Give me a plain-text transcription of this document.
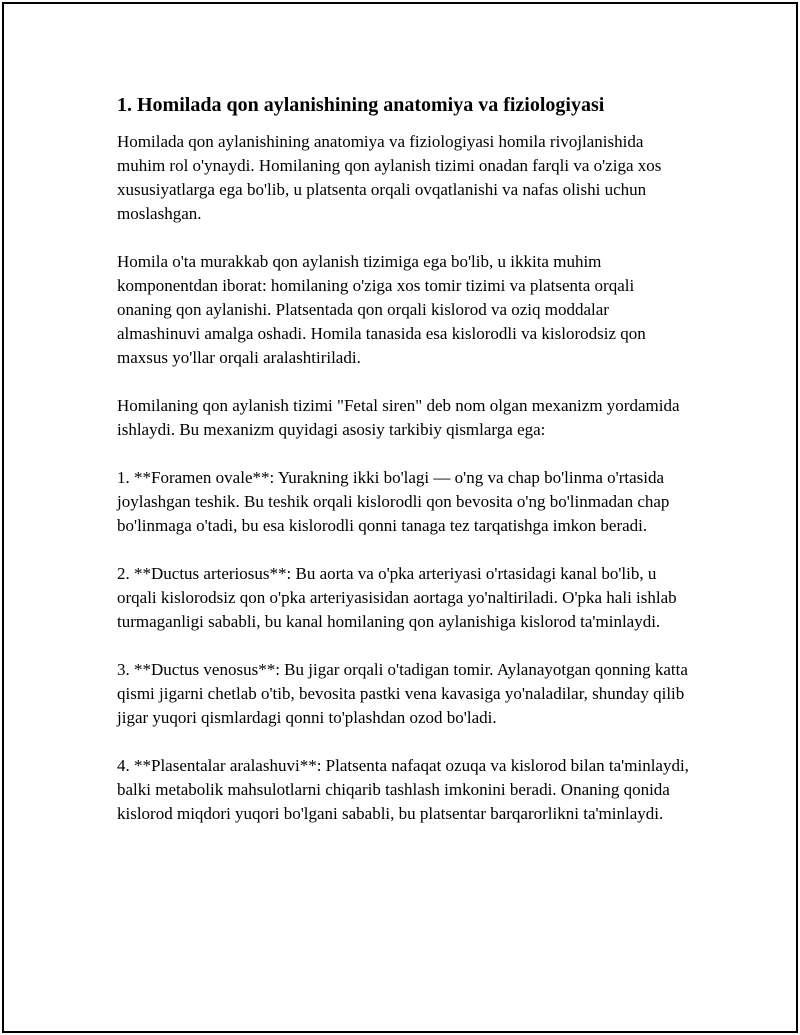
1. Homilada qon aylanishining anatomiya va fiziologiyasi

Homilada qon aylanishining anatomiya va fiziologiyasi homila rivojlanishida muhim rol o'ynaydi. Homilaning qon aylanish tizimi onadan farqli va o'ziga xos xususiyatlarga ega bo'lib, u platsenta orqali ovqatlanishi va nafas olishi uchun moslashgan.

Homila o'ta murakkab qon aylanish tizimiga ega bo'lib, u ikkita muhim komponentdan iborat: homilaning o'ziga xos tomir tizimi va platsenta orqali onaning qon aylanishi. Platsentada qon orqali kislorod va oziq moddalar almashinuvi amalga oshadi. Homila tanasida esa kislorodli va kislorodsiz qon maxsus yo'llar orqali aralashtiriladi.

Homilaning qon aylanish tizimi "Fetal siren" deb nom olgan mexanizm yordamida ishlaydi. Bu mexanizm quyidagi asosiy tarkibiy qismlarga ega:

1. **Foramen ovale**: Yurakning ikki bo'lagi — o'ng va chap bo'linma o'rtasida joylashgan teshik. Bu teshik orqali kislorodli qon bevosita o'ng bo'linmadan chap bo'linmaga o'tadi, bu esa kislorodli qonni tanaga tez tarqatishga imkon beradi.

2. **Ductus arteriosus**: Bu aorta va o'pka arteriyasi o'rtasidagi kanal bo'lib, u orqali kislorodsiz qon o'pka arteriyasisidan aortaga yo'naltiriladi. O'pka hali ishlab turmaganligi sababli, bu kanal homilaning qon aylanishiga kislorod ta'minlaydi.

3. **Ductus venosus**: Bu jigar orqali o'tadigan tomir. Aylanayotgan qonning katta qismi jigarni chetlab o'tib, bevosita pastki vena kavasiga yo'naladilar, shunday qilib jigar yuqori qismlardagi qonni to'plashdan ozod bo'ladi.

4. **Plasentalar aralashuvi**: Platsenta nafaqat ozuqa va kislorod bilan ta'minlaydi, balki metabolik mahsulotlarni chiqarib tashlash imkonini beradi. Onaning qonida kislorod miqdori yuqori bo'lgani sababli, bu platsentar barqarorlikni ta'minlaydi.
